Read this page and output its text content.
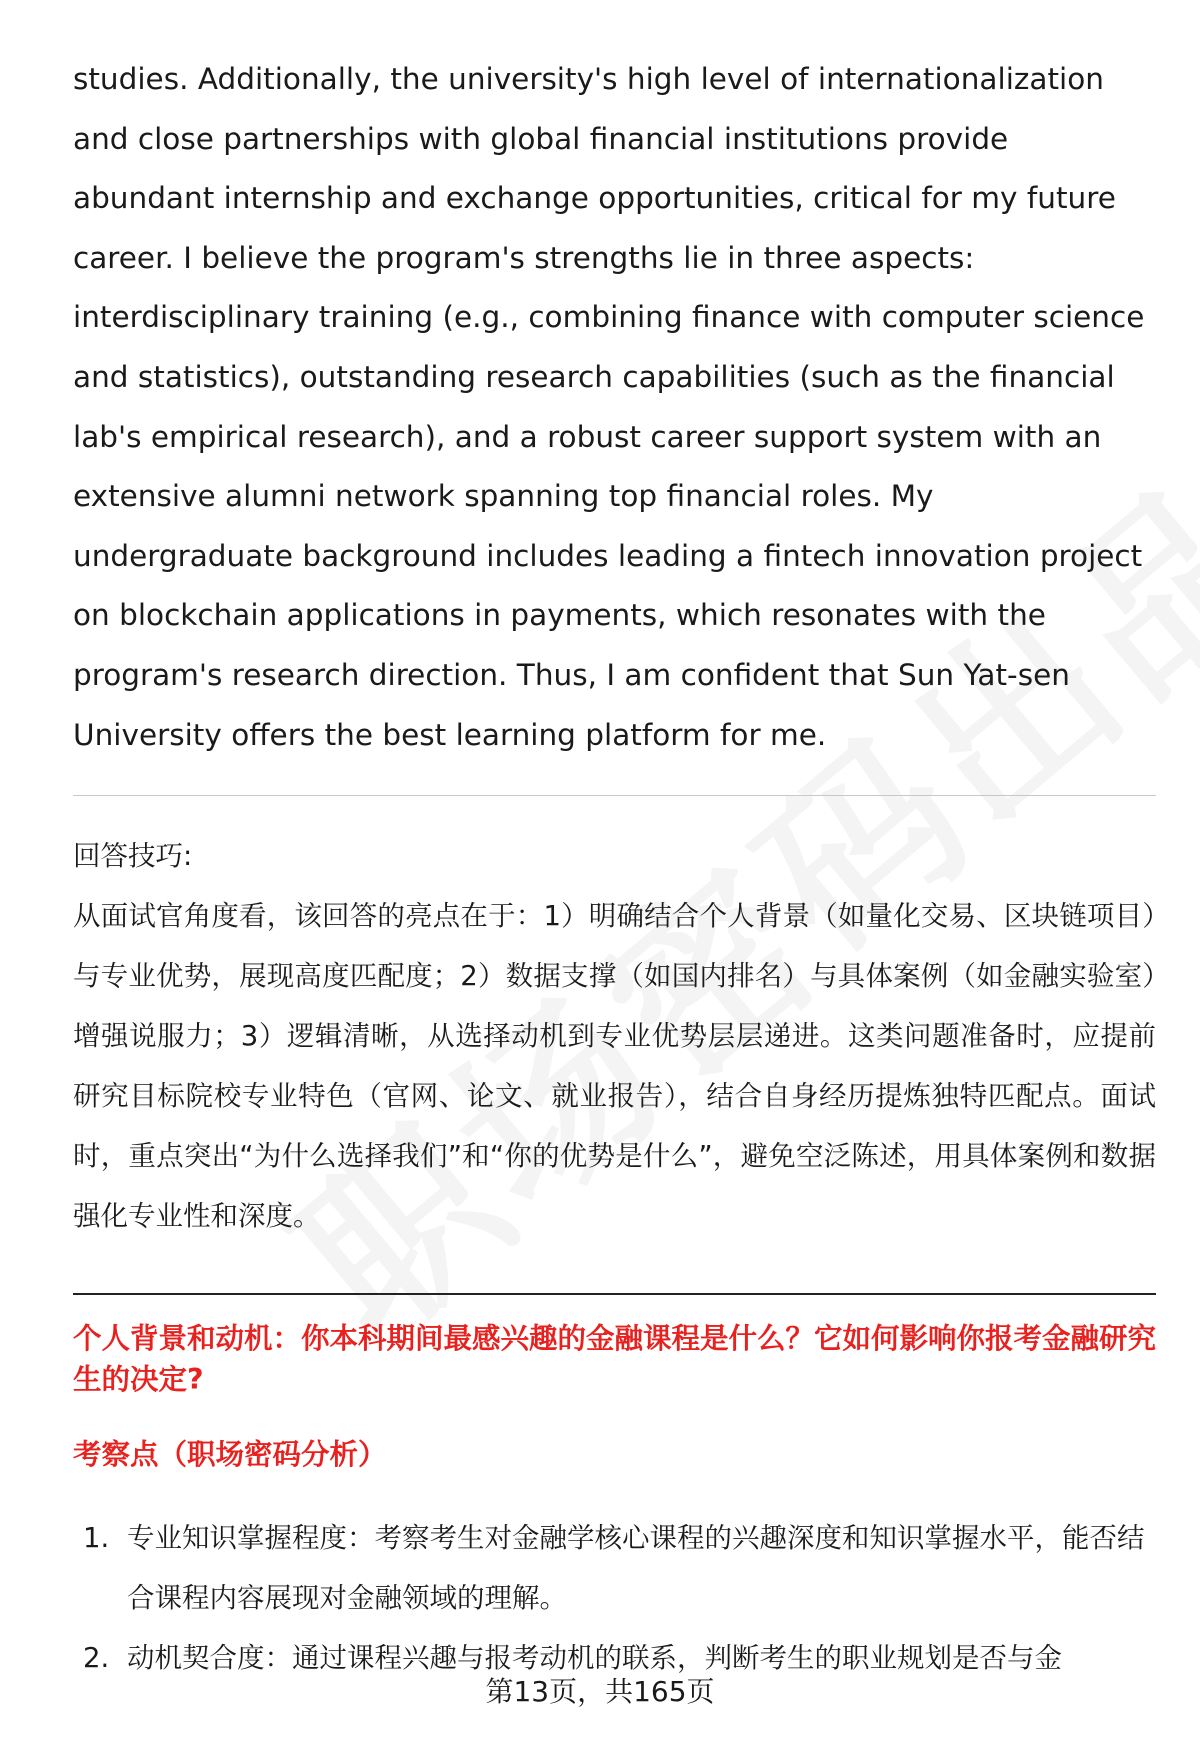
studies. Additionally, the university's high level of internationalization and close partnerships with global financial institutions provide abundant internship and exchange opportunities, critical for my future career. I believe the program's strengths lie in three aspects: interdisciplinary training (e.g., combining finance with computer science and statistics), outstanding research capabilities (such as the financial lab's empirical research), and a robust career support system with an extensive alumni network spanning top financial roles. My undergraduate background includes leading a fintech innovation project on blockchain applications in payments, which resonates with the program's research direction. Thus, I am confident that Sun Yat-sen University offers the best learning platform for me.

回答技巧:

从面试官角度看，该回答的亮点在于：1）明确结合个人背景（如量化交易、区块链项目）与专业优势，展现高度匹配度；2）数据支撑（如国内排名）与具体案例（如金融实验室）增强说服力；3）逻辑清晰，从选择动机到专业优势层层递进。这类问题准备时，应提前研究目标院校专业特色（官网、论文、就业报告），结合自身经历提炼独特匹配点。面试时，重点突出“为什么选择我们”和“你的优势是什么”，避免空泛陈述，用具体案例和数据强化专业性和深度。

个人背景和动机：你本科期间最感兴趣的金融课程是什么？它如何影响你报考金融研究生的决定?

考察点（职场密码分析）

1. 专业知识掌握程度：考察考生对金融学核心课程的兴趣深度和知识掌握水平，能否结合课程内容展现对金融领域的理解。
2. 动机契合度：通过课程兴趣与报考动机的联系，判断考生的职业规划是否与金

第13页，共165页
